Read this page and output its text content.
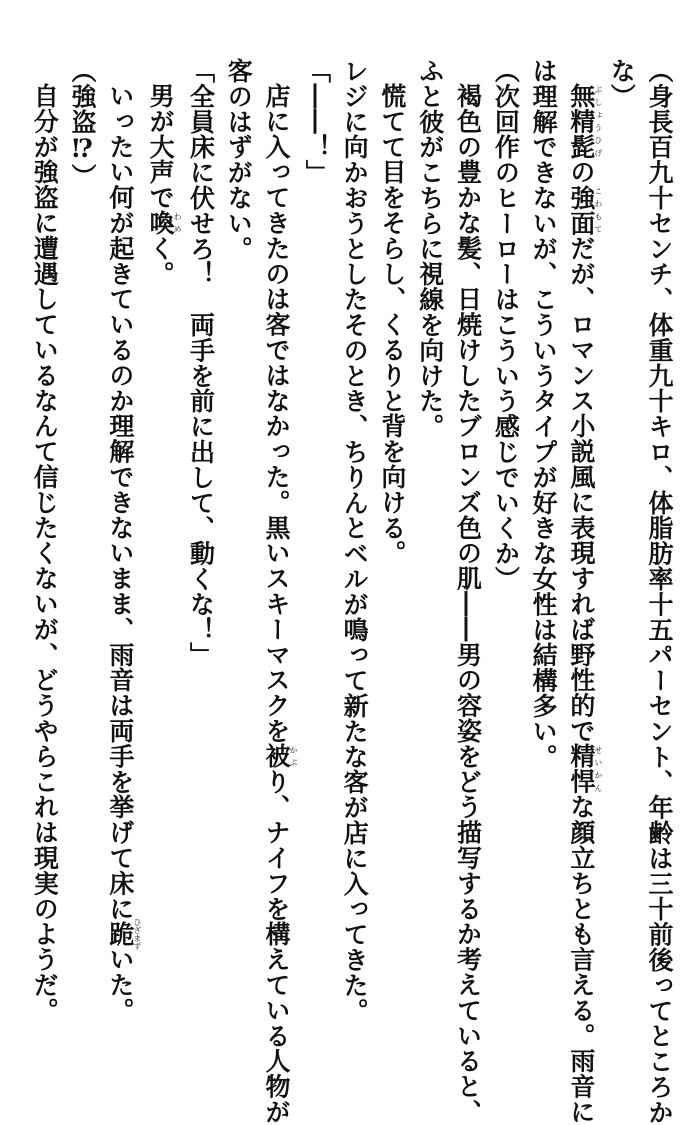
（身長百九十センチ、体重九十キロ、体脂肪率十五パーセント、年齢は三十前後ってところか
な）
無精髭ぶしょうひげの強面こわもてだが、ロマンス小説風に表現すれば野性的で精悍せいかんな顔立ちとも言える。雨音に
は理解できないが、こういうタイプが好きな女性は結構多い。
（次回作のヒーローはこういう感じでいくか）
褐色の豊かな髪、日焼けしたブロンズ色の肌――男の容姿をどう描写するか考えていると、
ふと彼がこちらに視線を向けた。
慌てて目をそらし、くるりと背を向ける。
レジに向かおうとしたそのとき、ちりんとベルが鳴って新たな客が店に入ってきた。
「――！」
店に入ってきたのは客ではなかった。黒いスキーマスクを被かぶり、ナイフを構えている人物が
客のはずがない。
「全員床に伏せろ！　両手を前に出して、動くな！」
男が大声で喚わめく。
いったい何が起きているのか理解できないまま、雨音は両手を挙げて床に跪ひざまずいた。
（強盗⁉）
自分が強盗に遭遇しているなんて信じたくないが、どうやらこれは現実のようだ。
